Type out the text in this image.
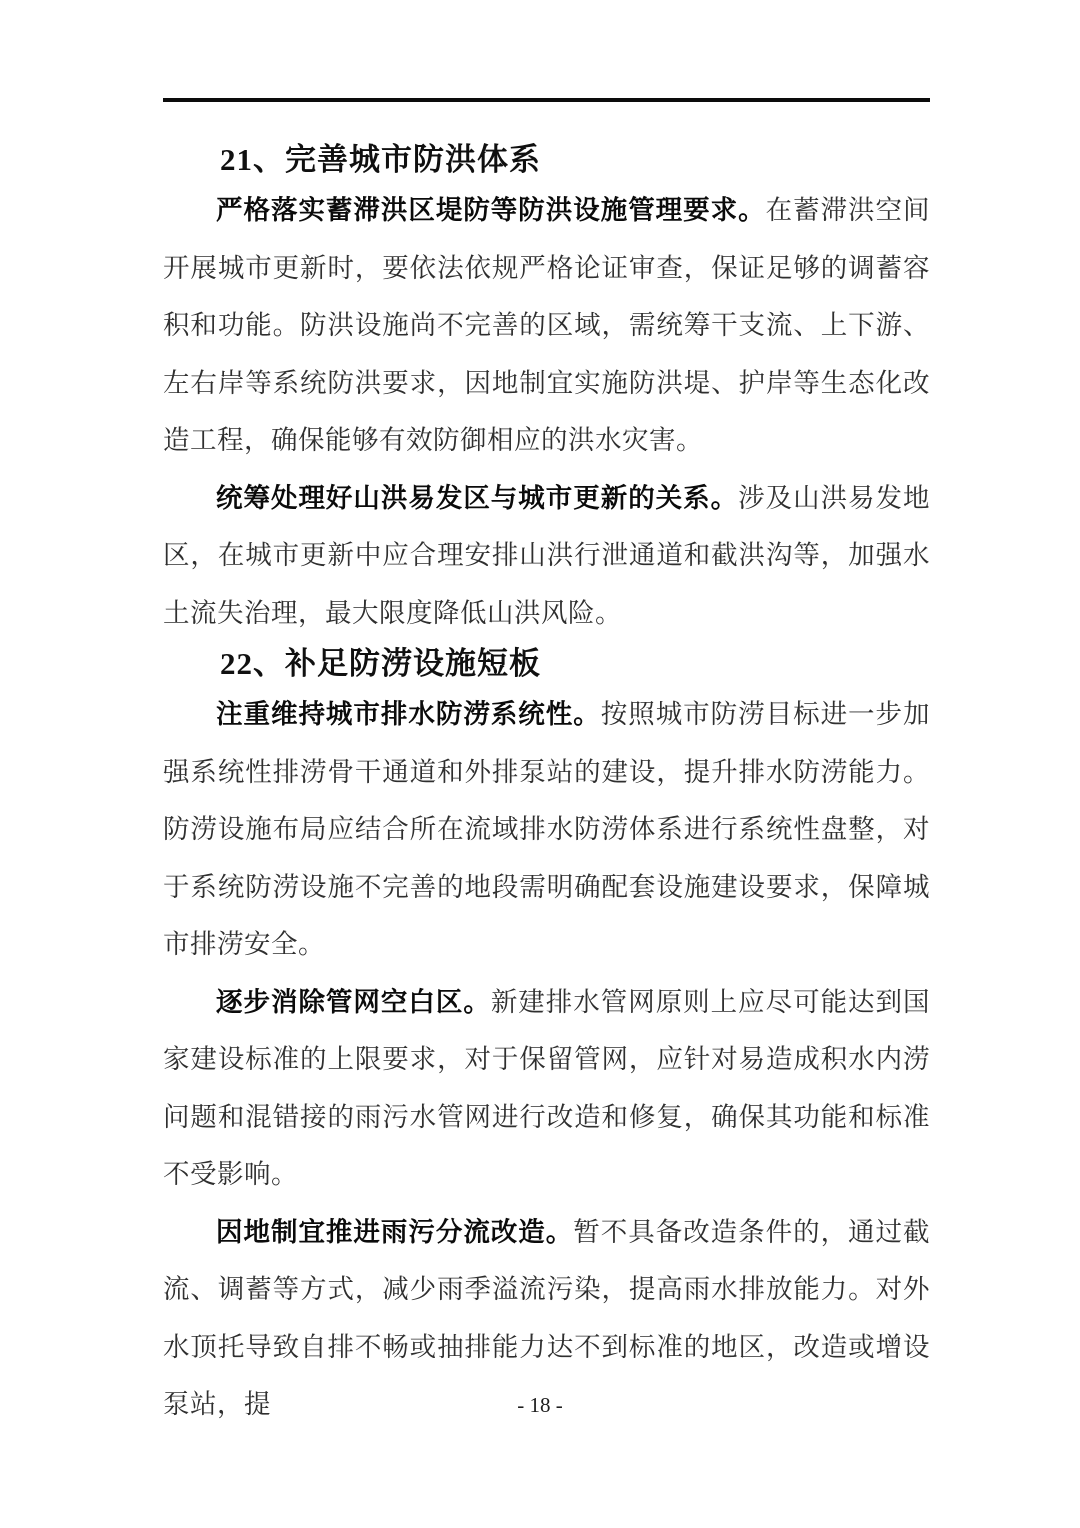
21、完善城市防洪体系

严格落实蓄滞洪区堤防等防洪设施管理要求。在蓄滞洪空间开展城市更新时，要依法依规严格论证审查，保证足够的调蓄容积和功能。防洪设施尚不完善的区域，需统筹干支流、上下游、左右岸等系统防洪要求，因地制宜实施防洪堤、护岸等生态化改造工程，确保能够有效防御相应的洪水灾害。

统筹处理好山洪易发区与城市更新的关系。涉及山洪易发地区，在城市更新中应合理安排山洪行泄通道和截洪沟等，加强水土流失治理，最大限度降低山洪风险。

22、补足防涝设施短板

注重维持城市排水防涝系统性。按照城市防涝目标进一步加强系统性排涝骨干通道和外排泵站的建设，提升排水防涝能力。防涝设施布局应结合所在流域排水防涝体系进行系统性盘整，对于系统防涝设施不完善的地段需明确配套设施建设要求，保障城市排涝安全。

逐步消除管网空白区。新建排水管网原则上应尽可能达到国家建设标准的上限要求，对于保留管网，应针对易造成积水内涝问题和混错接的雨污水管网进行改造和修复，确保其功能和标准不受影响。

因地制宜推进雨污分流改造。暂不具备改造条件的，通过截流、调蓄等方式，减少雨季溢流污染，提高雨水排放能力。对外水顶托导致自排不畅或抽排能力达不到标准的地区，改造或增设泵站，提	- 18 -
